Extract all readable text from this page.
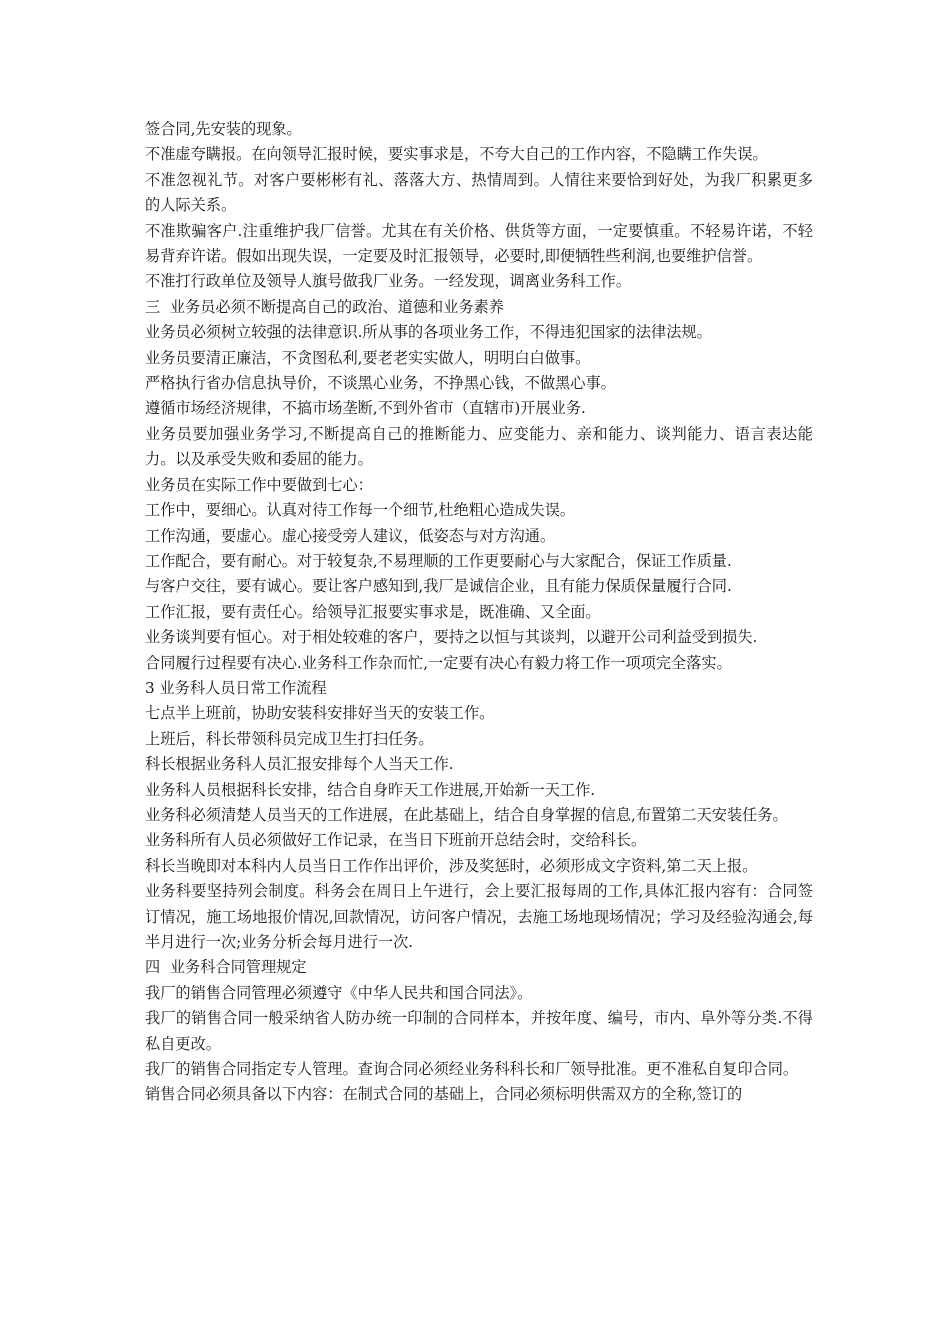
签合同,先安装的现象。

不准虚夸瞒报。在向领导汇报时候，要实事求是，不夸大自己的工作内容，不隐瞒工作失误。

不准忽视礼节。对客户要彬彬有礼、落落大方、热情周到。人情往来要恰到好处，为我厂积累更多的人际关系。

不准欺骗客户.注重维护我厂信誉。尤其在有关价格、供货等方面，一定要慎重。不轻易许诺，不轻易背弃许诺。假如出现失误，一定要及时汇报领导，必要时,即便牺牲些利润,也要维护信誉。

不准打行政单位及领导人旗号做我厂业务。一经发现，调离业务科工作。

三  业务员必须不断提高自己的政治、道德和业务素养

业务员必须树立较强的法律意识.所从事的各项业务工作，不得违犯国家的法律法规。

业务员要清正廉洁，不贪图私利,要老老实实做人，明明白白做事。

严格执行省办信息执导价，不谈黑心业务，不挣黑心钱，不做黑心事。

遵循市场经济规律，不搞市场垄断,不到外省市（直辖市)开展业务.

业务员要加强业务学习,不断提高自己的推断能力、应变能力、亲和能力、谈判能力、语言表达能力。以及承受失败和委屈的能力。

业务员在实际工作中要做到七心：

工作中，要细心。认真对待工作每一个细节,杜绝粗心造成失误。

工作沟通，要虚心。虚心接受旁人建议，低姿态与对方沟通。

工作配合，要有耐心。对于较复杂,不易理顺的工作更要耐心与大家配合，保证工作质量.

与客户交往，要有诚心。要让客户感知到,我厂是诚信企业，且有能力保质保量履行合同.

工作汇报，要有责任心。给领导汇报要实事求是，既准确、又全面。

业务谈判要有恒心。对于相处较难的客户，要持之以恒与其谈判，以避开公司利益受到损失.

合同履行过程要有决心.业务科工作杂而忙,一定要有决心有毅力将工作一项项完全落实。

3 业务科人员日常工作流程

七点半上班前，协助安装科安排好当天的安装工作。

上班后，科长带领科员完成卫生打扫任务。

科长根据业务科人员汇报安排每个人当天工作.

业务科人员根据科长安排，结合自身昨天工作进展,开始新一天工作.

业务科必须清楚人员当天的工作进展，在此基础上，结合自身掌握的信息,布置第二天安装任务。

业务科所有人员必须做好工作记录，在当日下班前开总结会时，交给科长。

科长当晚即对本科内人员当日工作作出评价，涉及奖惩时，必须形成文字资料,第二天上报。

业务科要坚持列会制度。科务会在周日上午进行，会上要汇报每周的工作,具体汇报内容有：合同签订情况，施工场地报价情况,回款情况，访问客户情况，去施工场地现场情况；学习及经验沟通会,每半月进行一次;业务分析会每月进行一次.

四  业务科合同管理规定

我厂的销售合同管理必须遵守《中华人民共和国合同法》。

我厂的销售合同一般采纳省人防办统一印制的合同样本，并按年度、编号，市内、阜外等分类.不得私自更改。

我厂的销售合同指定专人管理。查询合同必须经业务科科长和厂领导批准。更不准私自复印合同。

销售合同必须具备以下内容：在制式合同的基础上，合同必须标明供需双方的全称,签订的
